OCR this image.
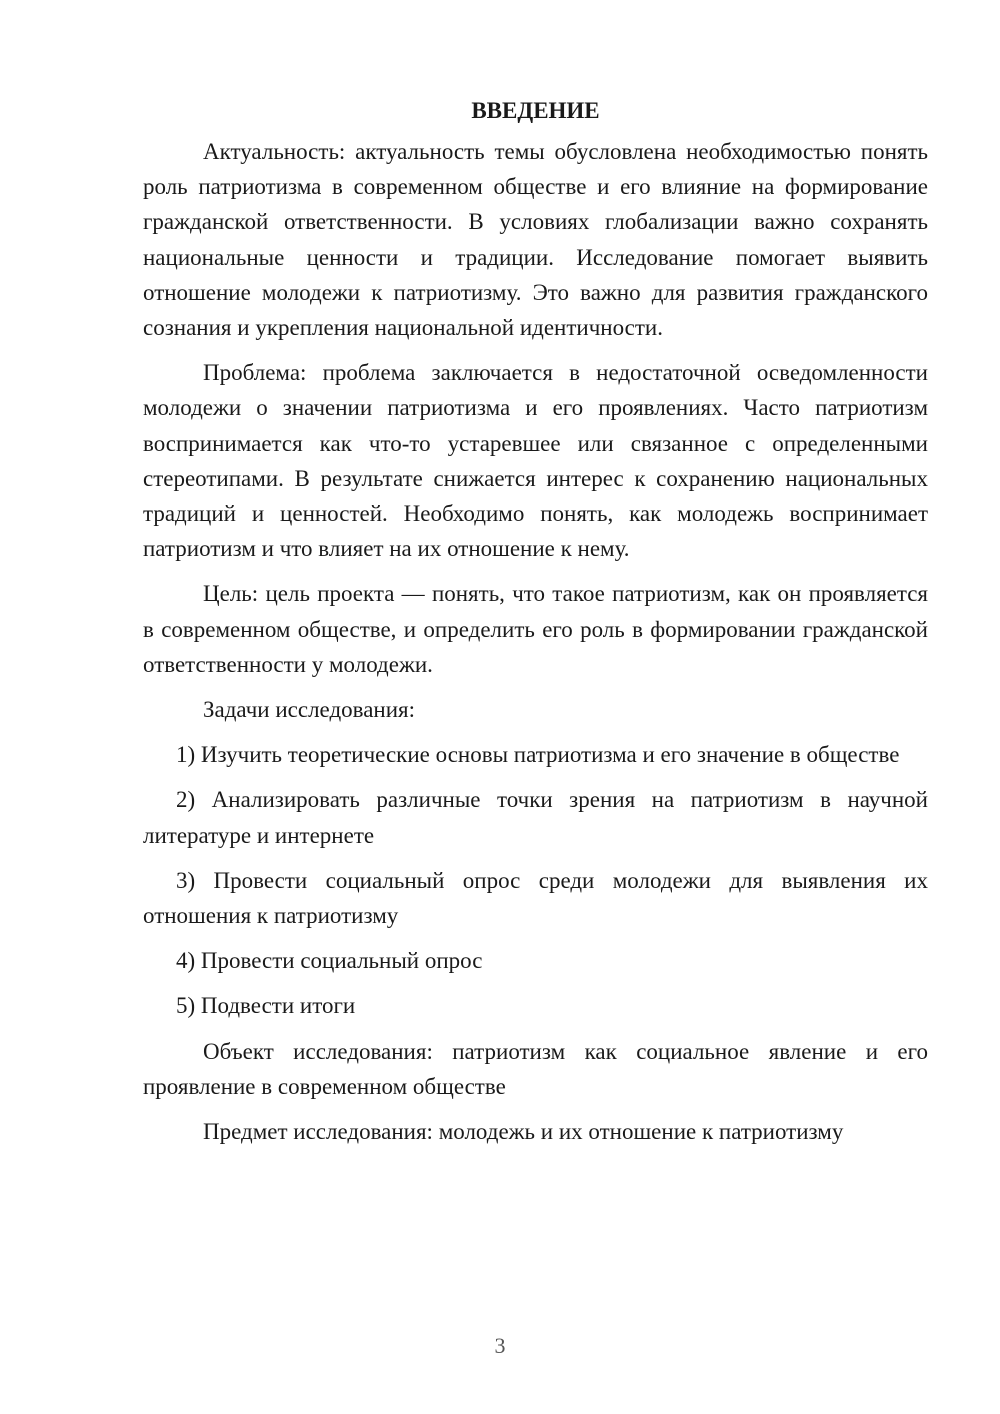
ВВЕДЕНИЕ

Актуальность: актуальность темы обусловлена необходимостью понять роль патриотизма в современном обществе и его влияние на формирование гражданской ответственности. В условиях глобализации важно сохранять национальные ценности и традиции. Исследование помогает выявить отношение молодежи к патриотизму. Это важно для развития гражданского сознания и укрепления национальной идентичности.

Проблема: проблема заключается в недостаточной осведомленности молодежи о значении патриотизма и его проявлениях. Часто патриотизм воспринимается как что-то устаревшее или связанное с определенными стереотипами. В результате снижается интерес к сохранению национальных традиций и ценностей. Необходимо понять, как молодежь воспринимает патриотизм и что влияет на их отношение к нему.

Цель: цель проекта — понять, что такое патриотизм, как он проявляется в современном обществе, и определить его роль в формировании гражданской ответственности у молодежи.

Задачи исследования:

1) Изучить теоретические основы патриотизма и его значение в обществе

2) Анализировать различные точки зрения на патриотизм в научной литературе и интернете

3) Провести социальный опрос среди молодежи для выявления их отношения к патриотизму

4) Провести социальный опрос

5) Подвести итоги

Объект исследования: патриотизм как социальное явление и его проявление в современном обществе

Предмет исследования: молодежь и их отношение к патриотизму

3
